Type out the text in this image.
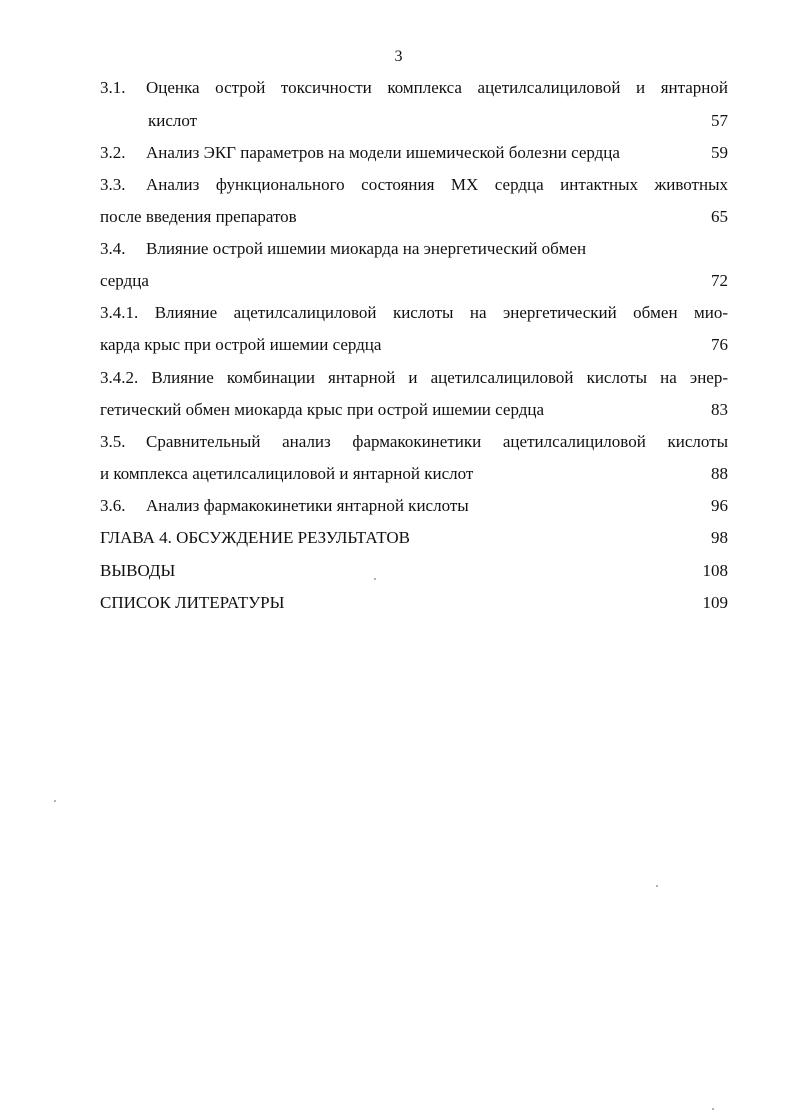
3
3.1. Оценка острой токсичности комплекса ацетилсалициловой и янтарной
кислот	57
3.2. Анализ ЭКГ параметров на модели ишемической болезни сердца	59
3.3. Анализ функционального состояния МХ сердца интактных животных
после введения препаратов	65
3.4. Влияние острой ишемии миокарда на энергетический обмен
сердца	72
3.4.1. Влияние ацетилсалициловой кислоты на энергетический обмен мио-
карда крыс при острой ишемии сердца	76
3.4.2. Влияние комбинации янтарной и ацетилсалициловой кислоты на энер-
гетический обмен миокарда крыс при острой ишемии сердца	83
3.5. Сравнительный анализ фармакокинетики ацетилсалициловой кислоты
и комплекса ацетилсалициловой и янтарной кислот	88
3.6. Анализ фармакокинетики янтарной кислоты	96
ГЛАВА 4. ОБСУЖДЕНИЕ РЕЗУЛЬТАТОВ	98
ВЫВОДЫ	108
СПИСОК ЛИТЕРАТУРЫ	109
